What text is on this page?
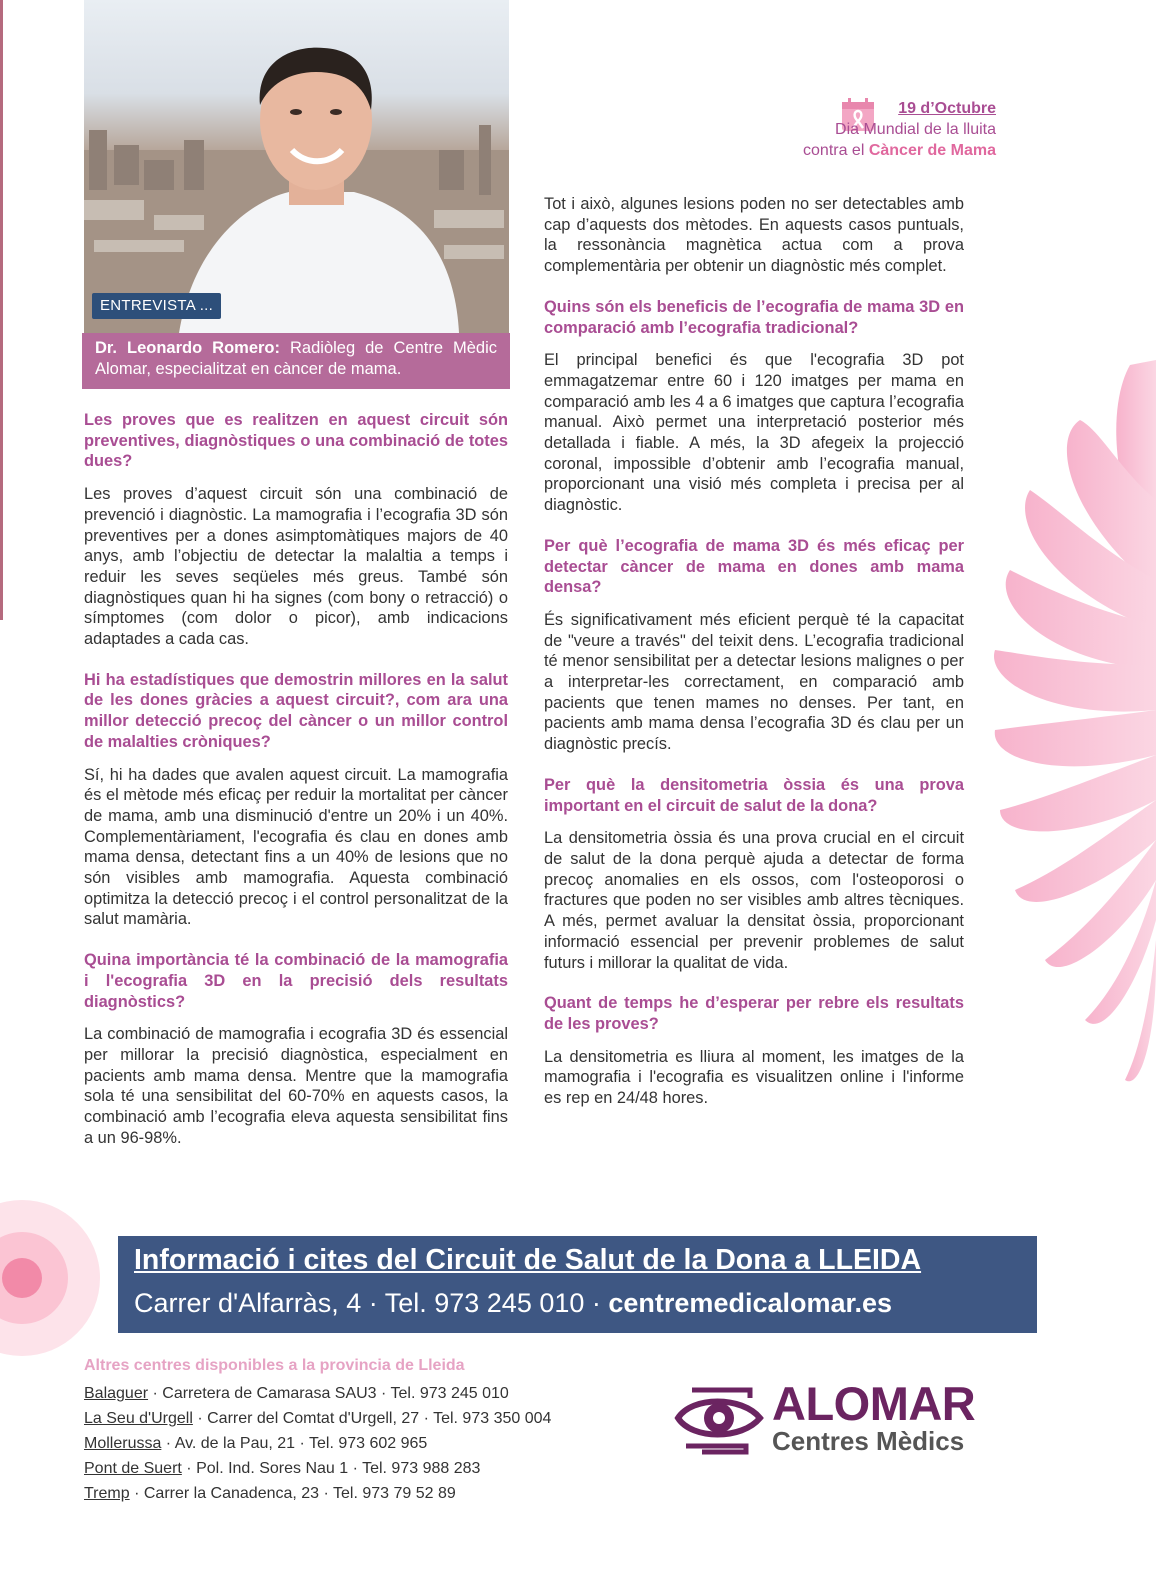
ENTREVISTA ...
Dr. Leonardo Romero: Radiòleg de Centre Mèdic Alomar, especialitzat en càncer de mama.
19 d’Octubre
Dia Mundial de la lluita
contra el Càncer de Mama

Les proves que es realitzen en aquest circuit són preventives, diagnòstiques o una combinació de totes dues?

Les proves d’aquest circuit són una combinació de prevenció i diagnòstic. La mamografia i l’ecografia 3D són preventives per a dones asimptomàtiques majors de 40 anys, amb l’objectiu de detectar la malaltia a temps i reduir les seves seqüeles més greus. També són diagnòstiques quan hi ha signes (com bony o retracció) o símptomes (com dolor o picor), amb indicacions adaptades a cada cas.

Hi ha estadístiques que demostrin millores en la salut de les dones gràcies a aquest circuit?, com ara una millor detecció precoç del càncer o un millor control de malalties cròniques?

Sí, hi ha dades que avalen aquest circuit. La mamografia és el mètode més eficaç per reduir la mortalitat per càncer de mama, amb una disminució d'entre un 20% i un 40%. Complementàriament, l'ecografia és clau en dones amb mama densa, detectant fins a un 40% de lesions que no són visibles amb mamografia. Aquesta combinació optimitza la detecció precoç i el control personalitzat de la salut mamària.

Quina importància té la combinació de la mamografia i l'ecografia 3D en la precisió dels resultats diagnòstics?

La combinació de mamografia i ecografia 3D és essencial per millorar la precisió diagnòstica, especialment en pacients amb mama densa. Mentre que la mamografia sola té una sensibilitat del 60-70% en aquests casos, la combinació amb l’ecografia eleva aquesta sensibilitat fins a un 96-98%.

Tot i això, algunes lesions poden no ser detectables amb cap d’aquests dos mètodes. En aquests casos puntuals, la ressonància magnètica actua com a prova complementària per obtenir un diagnòstic més complet.

Quins són els beneficis de l’ecografia de mama 3D en comparació amb l’ecografia tradicional?

El principal benefici és que l'ecografia 3D pot emmagatzemar entre 60 i 120 imatges per mama en comparació amb les 4 a 6 imatges que captura l’ecografia manual. Això permet una interpretació posterior més detallada i fiable. A més, la 3D afegeix la projecció coronal, impossible d’obtenir amb l’ecografia manual, proporcionant una visió més completa i precisa per al diagnòstic.

Per què l’ecografia de mama 3D és més eficaç per detectar càncer de mama en dones amb mama densa?

És significativament més eficient perquè té la capacitat de "veure a través" del teixit dens. L’ecografia tradicional té menor sensibilitat per a detectar lesions malignes o per a interpretar-les correctament, en comparació amb pacients que tenen mames no denses. Per tant, en pacients amb mama densa l’ecografia 3D és clau per un diagnòstic precís.

Per què la densitometria òssia és una prova important en el circuit de salut de la dona?

La densitometria òssia és una prova crucial en el circuit de salut de la dona perquè ajuda a detectar de forma precoç anomalies en els ossos, com l'osteoporosi o fractures que poden no ser visibles amb altres tècniques. A més, permet avaluar la densitat òssia, proporcionant informació essencial per prevenir problemes de salut futurs i millorar la qualitat de vida.

Quant de temps he d’esperar per rebre els resultats de les proves?

La densitometria es lliura al moment, les imatges de la mamografia i l'ecografia es visualitzen online i l'informe es rep en 24/48 hores.

Informació i cites del Circuit de Salut de la Dona a LLEIDA
Carrer d'Alfarràs, 4 · Tel. 973 245 010 · centremedicalomar.es
Altres centres disponibles a la provincia de Lleida
Balaguer · Carretera de Camarasa SAU3 · Tel. 973 245 010
La Seu d'Urgell · Carrer del Comtat d'Urgell, 27 · Tel. 973 350 004
Mollerussa · Av. de la Pau, 21 · Tel. 973 602 965
Pont de Suert · Pol. Ind. Sores Nau 1 · Tel. 973 988 283
Tremp · Carrer la Canadenca, 23 · Tel. 973 79 52 89
ALOMAR
Centres Mèdics
